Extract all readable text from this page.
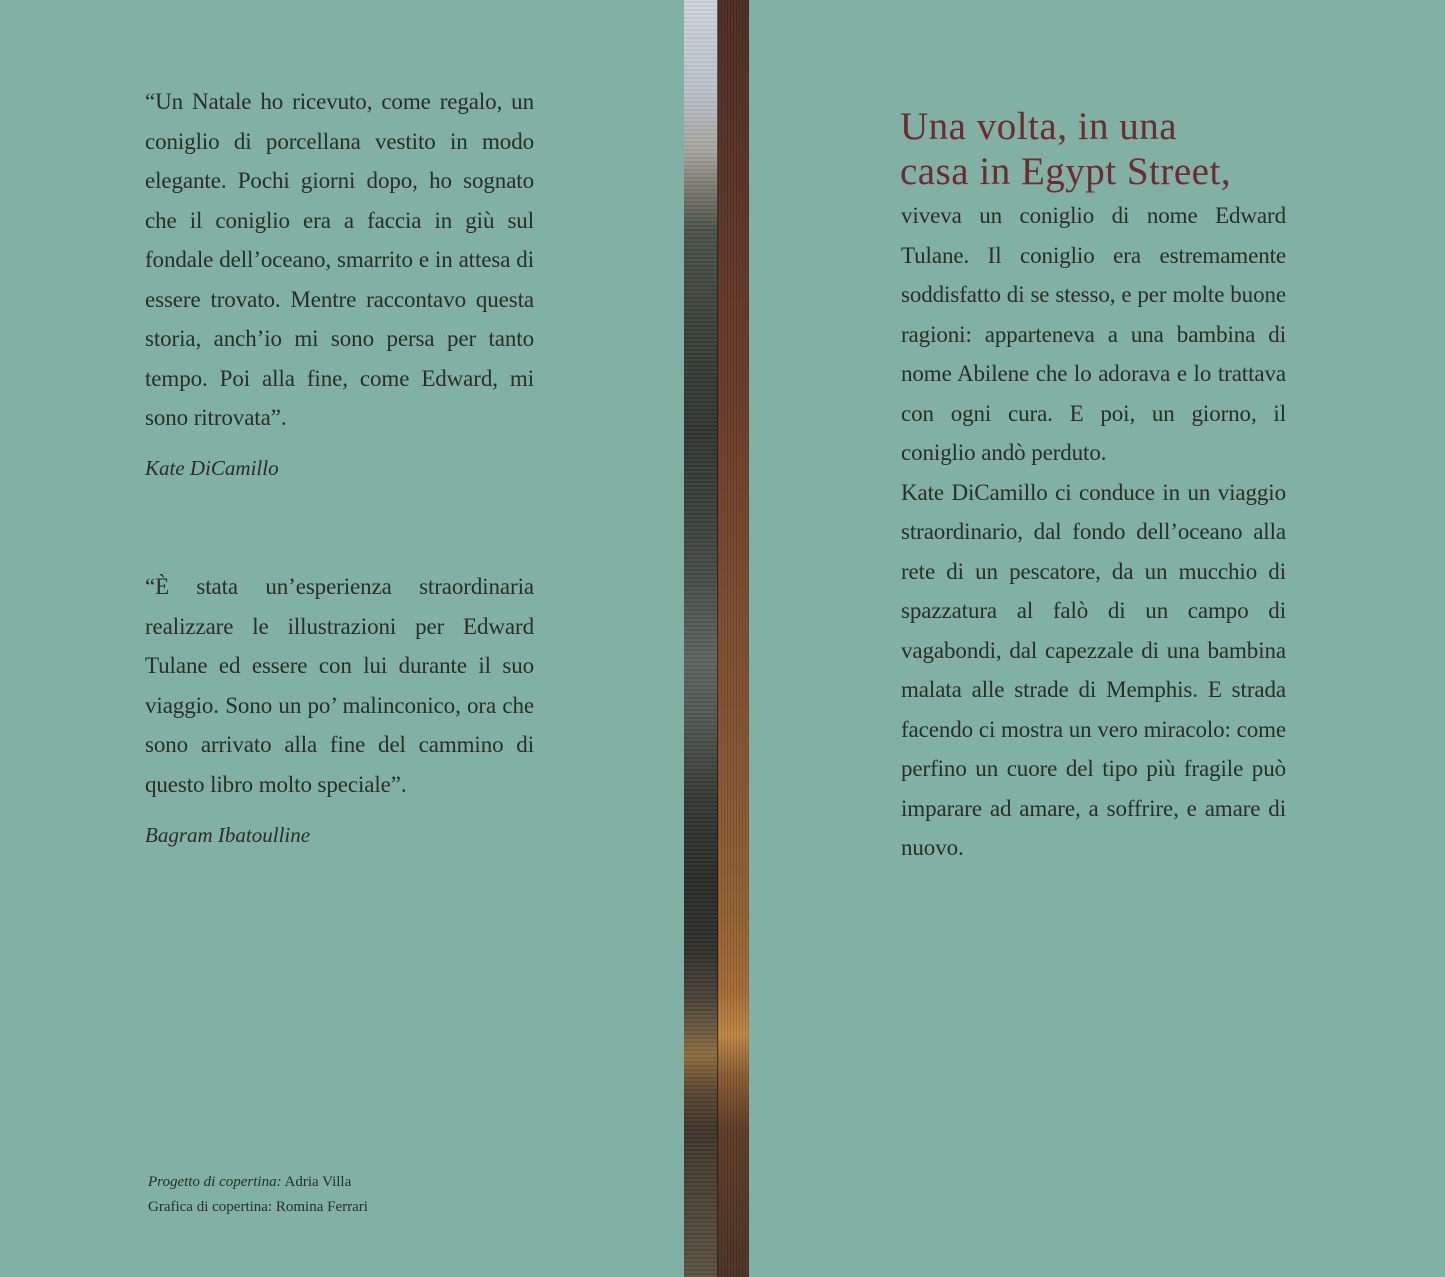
“Un Natale ho ricevuto, come regalo, un coniglio di porcellana vestito in modo elegante. Pochi giorni dopo, ho sognato che il coniglio era a faccia in giù sul fondale dell’oceano, smarrito e in attesa di essere trovato. Mentre raccontavo questa storia, anch’io mi sono persa per tanto tempo. Poi alla fine, come Edward, mi sono ritrovata”.

Kate DiCamillo

“È stata un’esperienza straordinaria realizzare le illustrazioni per Edward Tulane ed essere con lui durante il suo viaggio. Sono un po’ malinconico, ora che sono arrivato alla fine del cammino di questo libro molto speciale”.

Bagram Ibatoulline

Progetto di copertina: Adria Villa
Grafica di copertina: Romina Ferrari
Una volta, in una
casa in Egypt Street,
viveva un coniglio di nome Edward Tulane. Il coniglio era estremamente soddisfatto di se stesso, e per molte buone ragioni: apparteneva a una bambina di nome Abilene che lo adorava e lo trattava con ogni cura. E poi, un giorno, il coniglio andò perduto.
Kate DiCamillo ci conduce in un viaggio straordinario, dal fondo dell’oceano alla rete di un pescatore, da un mucchio di spazzatura al falò di un campo di vagabondi, dal capezzale di una bambina malata alle strade di Memphis. E strada facendo ci mostra un vero miracolo: come perfino un cuore del tipo più fragile può imparare ad amare, a soffrire, e amare di nuovo.
